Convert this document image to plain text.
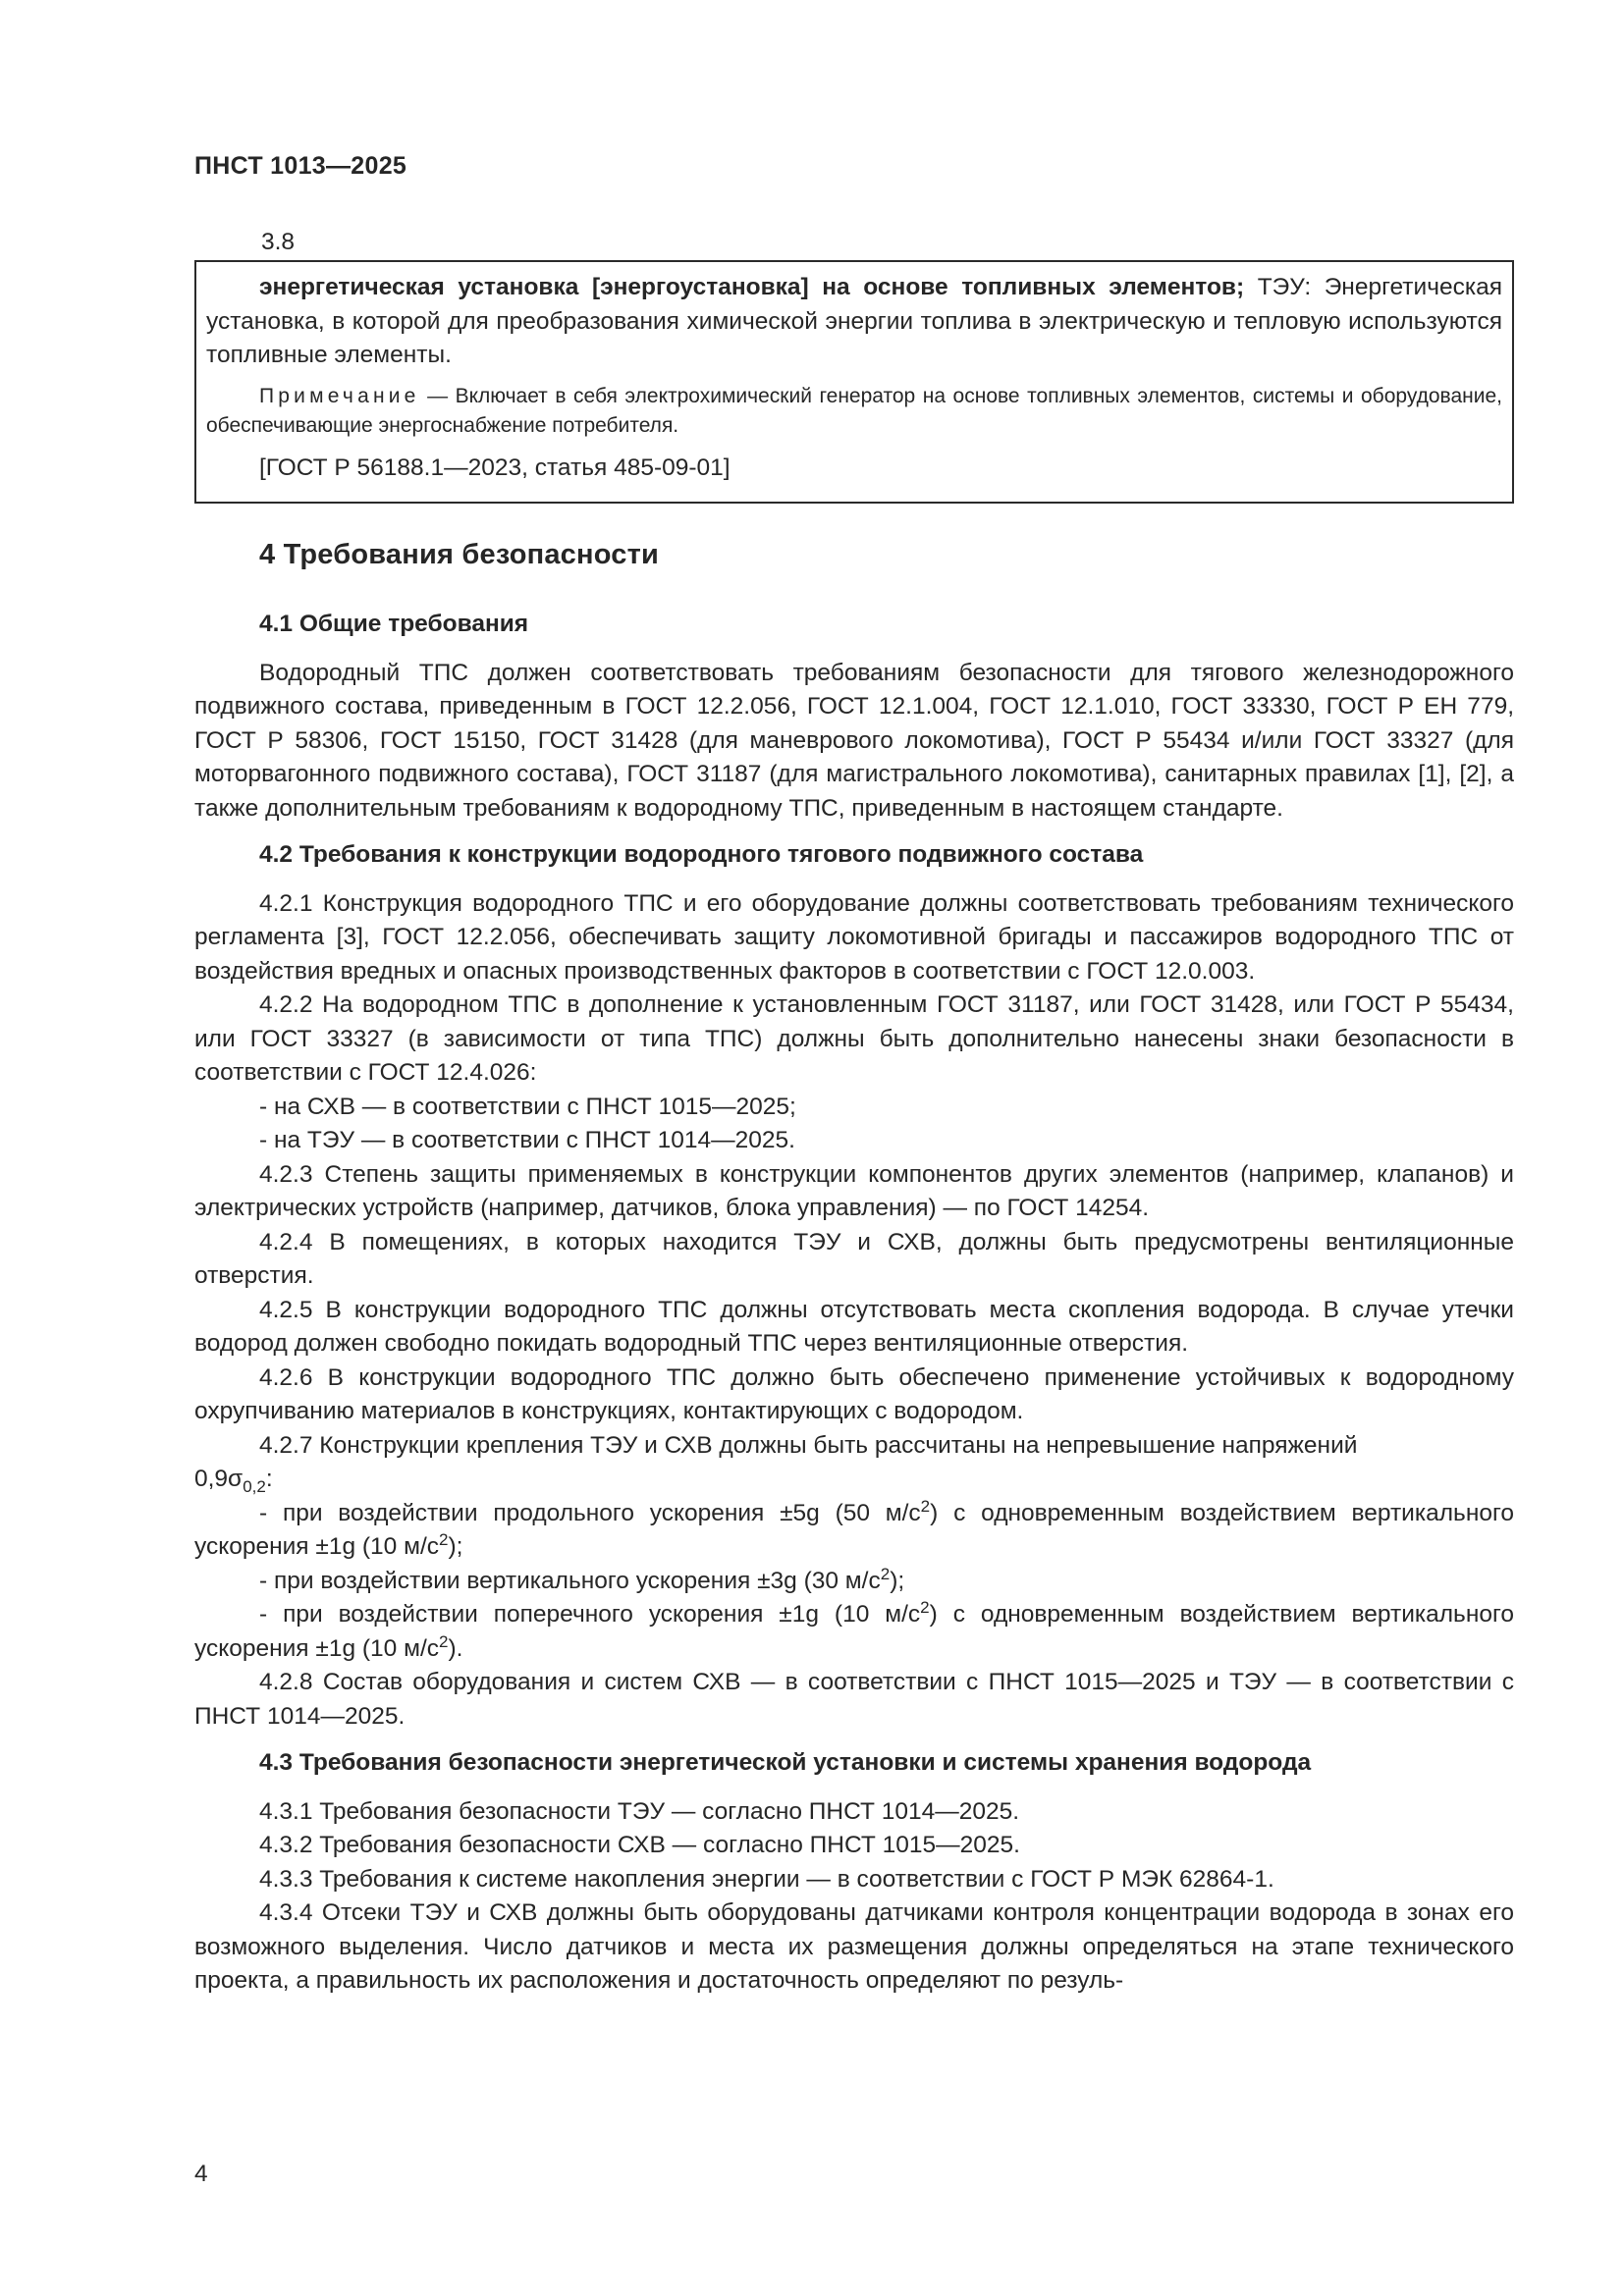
ПНСТ 1013—2025
3.8

энергетическая установка [энергоустановка] на основе топливных элементов; ТЭУ: Энергетическая установка, в которой для преобразования химической энергии топлива в электрическую и тепловую используются топливные элементы.

Примечание — Включает в себя электрохимический генератор на основе топливных элементов, системы и оборудование, обеспечивающие энергоснабжение потребителя.

[ГОСТ Р 56188.1—2023, статья 485-09-01]

4 Требования безопасности
4.1 Общие требования

Водородный ТПС должен соответствовать требованиям безопасности для тягового железнодорожного подвижного состава, приведенным в ГОСТ 12.2.056, ГОСТ 12.1.004, ГОСТ 12.1.010, ГОСТ 33330, ГОСТ Р ЕН 779, ГОСТ Р 58306, ГОСТ 15150, ГОСТ 31428 (для маневрового локомотива), ГОСТ Р 55434 и/или ГОСТ 33327 (для моторвагонного подвижного состава), ГОСТ 31187 (для магистрального локомотива), санитарных правилах [1], [2], а также дополнительным требованиям к водородному ТПС, приведенным в настоящем стандарте.

4.2 Требования к конструкции водородного тягового подвижного состава

4.2.1 Конструкция водородного ТПС и его оборудование должны соответствовать требованиям технического регламента [3], ГОСТ 12.2.056, обеспечивать защиту локомотивной бригады и пассажиров водородного ТПС от воздействия вредных и опасных производственных факторов в соответствии с ГОСТ 12.0.003.

4.2.2 На водородном ТПС в дополнение к установленным ГОСТ 31187, или ГОСТ 31428, или ГОСТ Р 55434, или ГОСТ 33327 (в зависимости от типа ТПС) должны быть дополнительно нанесены знаки безопасности в соответствии с ГОСТ 12.4.026:

- на СХВ — в соответствии с ПНСТ 1015—2025;

- на ТЭУ — в соответствии с ПНСТ 1014—2025.

4.2.3 Степень защиты применяемых в конструкции компонентов других элементов (например, клапанов) и электрических устройств (например, датчиков, блока управления) — по ГОСТ 14254.

4.2.4 В помещениях, в которых находится ТЭУ и СХВ, должны быть предусмотрены вентиляционные отверстия.

4.2.5 В конструкции водородного ТПС должны отсутствовать места скопления водорода. В случае утечки водород должен свободно покидать водородный ТПС через вентиляционные отверстия.

4.2.6 В конструкции водородного ТПС должно быть обеспечено применение устойчивых к водородному охрупчиванию материалов в конструкциях, контактирующих с водородом.

4.2.7 Конструкции крепления ТЭУ и СХВ должны быть рассчитаны на непревышение напряжений

$0,9\sigma_{0,2}$:

- при воздействии продольного ускорения ±5g (50 $м/с^2$) с одновременным воздействием вертикального ускорения ±1g (10 $м/с^2$);

- при воздействии вертикального ускорения ±3g (30 $м/с^2$);

- при воздействии поперечного ускорения ±1g (10 $м/с^2$) с одновременным воздействием вертикального ускорения ±1g (10 $м/с^2$).

4.2.8 Состав оборудования и систем СХВ — в соответствии с ПНСТ 1015—2025 и ТЭУ — в соответствии с ПНСТ 1014—2025.

4.3 Требования безопасности энергетической установки и системы хранения водорода

4.3.1 Требования безопасности ТЭУ — согласно ПНСТ 1014—2025.

4.3.2 Требования безопасности СХВ — согласно ПНСТ 1015—2025.

4.3.3 Требования к системе накопления энергии — в соответствии с ГОСТ Р МЭК 62864-1.

4.3.4 Отсеки ТЭУ и СХВ должны быть оборудованы датчиками контроля концентрации водорода в зонах его возможного выделения. Число датчиков и места их размещения должны определяться на этапе технического проекта, а правильность их расположения и достаточность определяют по резуль-

4
